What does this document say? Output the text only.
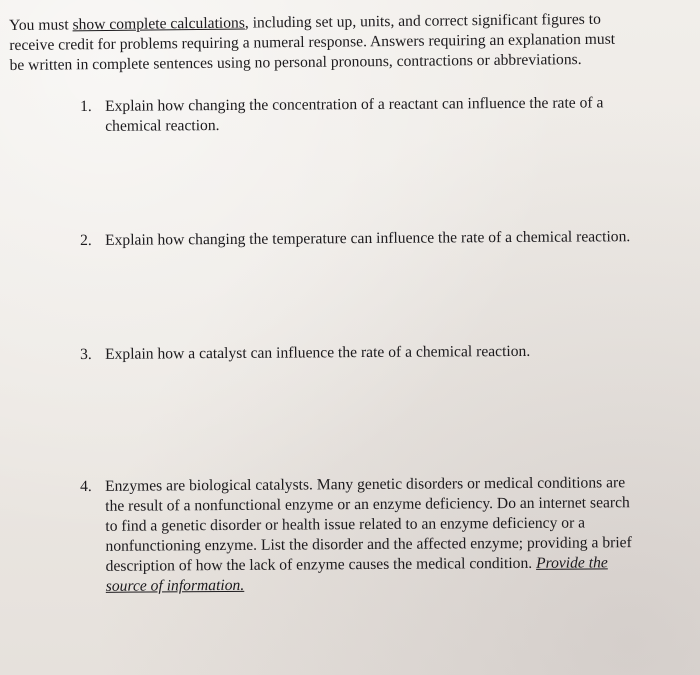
You must show complete calculations, including set up, units, and correct significant figures to

receive credit for problems requiring a numeral response. Answers requiring an explanation must

be written in complete sentences using no personal pronouns, contractions or abbreviations.

1. Explain how changing the concentration of a reactant can influence the rate of a
chemical reaction.
2. Explain how changing the temperature can influence the rate of a chemical reaction.
3. Explain how a catalyst can influence the rate of a chemical reaction.
4. Enzymes are biological catalysts. Many genetic disorders or medical conditions are
the result of a nonfunctional enzyme or an enzyme deficiency. Do an internet search
to find a genetic disorder or health issue related to an enzyme deficiency or a
nonfunctioning enzyme. List the disorder and the affected enzyme; providing a brief
description of how the lack of enzyme causes the medical condition. Provide the
source of information.
